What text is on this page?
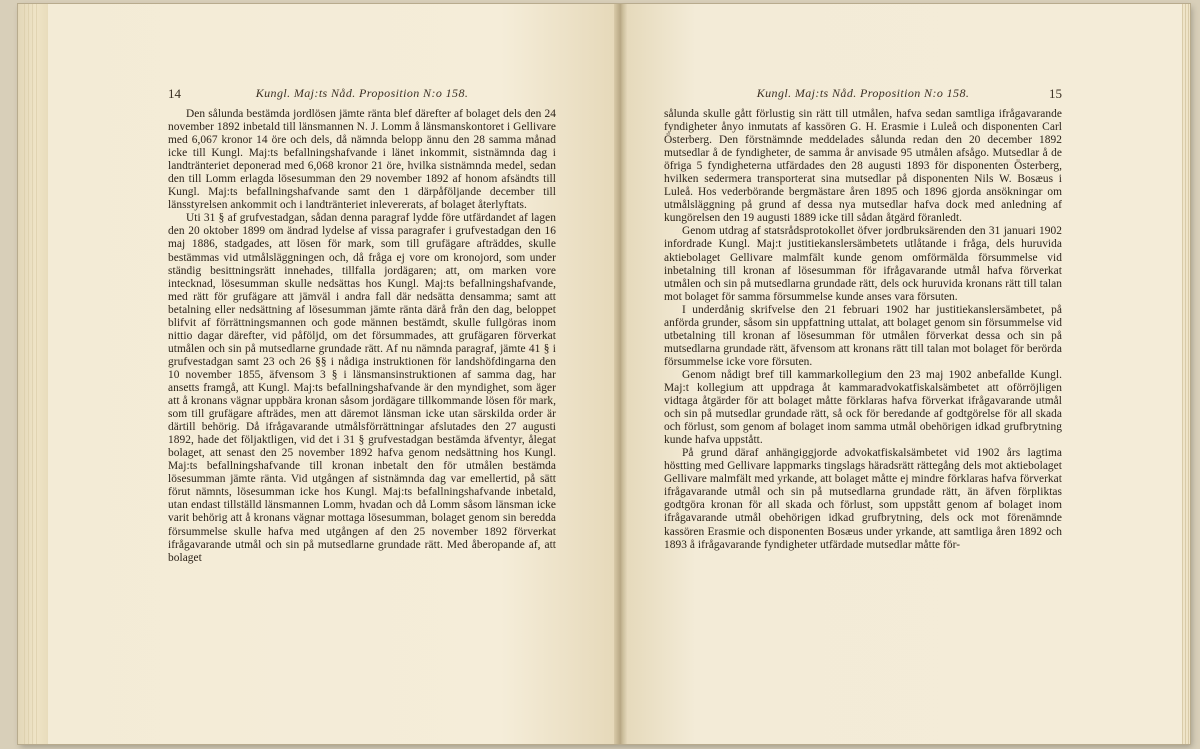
14	Kungl. Maj:ts Nåd. Proposition N:o 158.

Den sålunda bestämda jordlösen jämte ränta blef därefter af bolaget dels den 24 november 1892 inbetald till länsmannen N. J. Lomm å länsmanskontoret i Gellivare med 6,067 kronor 14 öre och dels, då nämnda belopp ännu den 28 samma månad icke till Kungl. Maj:ts befallningshafvande i länet inkommit, sistnämnda dag i landtränteriet deponerad med 6,068 kronor 21 öre, hvilka sistnämnda medel, sedan den till Lomm erlagda lösesumman den 29 november 1892 af honom afsändts till Kungl. Maj:ts befallningshafvande samt den 1 därpåföljande december till länsstyrelsen ankommit och i landtränteriet inlevererats, af bolaget återlyftats.

Uti 31 § af grufvestadgan, sådan denna paragraf lydde före utfärdandet af lagen den 20 oktober 1899 om ändrad lydelse af vissa paragrafer i grufvestadgan den 16 maj 1886, stadgades, att lösen för mark, som till grufägare afträddes, skulle bestämmas vid utmålsläggningen och, då fråga ej vore om kronojord, som under ständig besittningsrätt innehades, tillfalla jordägaren; att, om marken vore intecknad, lösesumman skulle nedsättas hos Kungl. Maj:ts befallningshafvande, med rätt för grufägare att jämväl i andra fall där nedsätta densamma; samt att betalning eller nedsättning af lösesumman jämte ränta därå från den dag, beloppet blifvit af förrättningsmannen och gode männen bestämdt, skulle fullgöras inom nittio dagar därefter, vid påföljd, om det försummades, att grufägaren förverkat utmålen och sin på mutsedlarne grundade rätt. Af nu nämnda paragraf, jämte 41 § i grufvestadgan samt 23 och 26 §§ i nådiga instruktionen för landshöfdingarna den 10 november 1855, äfvensom 3 § i länsmansinstruktionen af samma dag, har ansetts framgå, att Kungl. Maj:ts befallningshafvande är den myndighet, som äger att å kronans vägnar uppbära kronan såsom jordägare tillkommande lösen för mark, som till grufägare afträdes, men att däremot länsman icke utan särskilda order är därtill behörig. Då ifrågavarande utmålsförrättningar afslutades den 27 augusti 1892, hade det följaktligen, vid det i 31 § grufvestadgan bestämda äfventyr, ålegat bolaget, att senast den 25 november 1892 hafva genom nedsättning hos Kungl. Maj:ts befallningshafvande till kronan inbetalt den för utmålen bestämda lösesumman jämte ränta. Vid utgången af sistnämnda dag var emellertid, på sätt förut nämnts, lösesumman icke hos Kungl. Maj:ts befallningshafvande inbetald, utan endast tillställd länsmannen Lomm, hvadan och då Lomm såsom länsman icke varit behörig att å kronans vägnar mottaga lösesumman, bolaget genom sin beredda försummelse skulle hafva med utgången af den 25 november 1892 förverkat ifrågavarande utmål och sin på mutsedlarne grundade rätt. Med åberopande af, att bolaget

Kungl. Maj:ts Nåd. Proposition N:o 158.	15

sålunda skulle gått förlustig sin rätt till utmålen, hafva sedan samtliga ifrågavarande fyndigheter ånyo inmutats af kassören G. H. Erasmie i Luleå och disponenten Carl Österberg. Den förstnämnde meddelades sålunda redan den 20 december 1892 mutsedlar å de fyndigheter, de samma år anvisade 95 utmålen afsågo. Mutsedlar å de öfriga 5 fyndigheterna utfärdades den 28 augusti 1893 för disponenten Österberg, hvilken sedermera transporterat sina mutsedlar på disponenten Nils W. Bosæus i Luleå. Hos vederbörande bergmästare åren 1895 och 1896 gjorda ansökningar om utmålsläggning på grund af dessa nya mutsedlar hafva dock med anledning af kungörelsen den 19 augusti 1889 icke till sådan åtgärd föranledt.

Genom utdrag af statsrådsprotokollet öfver jordbruksärenden den 31 januari 1902 infordrade Kungl. Maj:t justitiekanslersämbetets utlåtande i fråga, dels huruvida aktiebolaget Gellivare malmfält kunde genom omförmälda försummelse vid inbetalning till kronan af lösesumman för ifrågavarande utmål hafva förverkat utmålen och sin på mutsedlarna grundade rätt, dels ock huruvida kronans rätt till talan mot bolaget för samma försummelse kunde anses vara försuten.

I underdånig skrifvelse den 21 februari 1902 har justitiekanslersämbetet, på anförda grunder, såsom sin uppfattning uttalat, att bolaget genom sin försummelse vid utbetalning till kronan af lösesumman för utmålen förverkat dessa och sin på mutsedlarna grundade rätt, äfvensom att kronans rätt till talan mot bolaget för berörda försummelse icke vore försuten.

Genom nådigt bref till kammarkollegium den 23 maj 1902 anbefallde Kungl. Maj:t kollegium att uppdraga åt kammaradvokatfiskalsämbetet att oförröjligen vidtaga åtgärder för att bolaget måtte förklaras hafva förverkat ifrågavarande utmål och sin på mutsedlar grundade rätt, så ock för beredande af godtgörelse för all skada och förlust, som genom af bolaget inom samma utmål obehörigen idkad grufbrytning kunde hafva uppstått.

På grund däraf anhängiggjorde advokatfiskalsämbetet vid 1902 års lagtima höstting med Gellivare lappmarks tingslags häradsrätt rättegång dels mot aktiebolaget Gellivare malmfält med yrkande, att bolaget måtte ej mindre förklaras hafva förverkat ifrågavarande utmål och sin på mutsedlarna grundade rätt, än äfven förpliktas godtgöra kronan för all skada och förlust, som uppstått genom af bolaget inom ifrågavarande utmål obehörigen idkad grufbrytning, dels ock mot förenämnde kassören Erasmie och disponenten Bosæus under yrkande, att samtliga åren 1892 och 1893 å ifrågavarande fyndigheter utfärdade mutsedlar måtte för-
